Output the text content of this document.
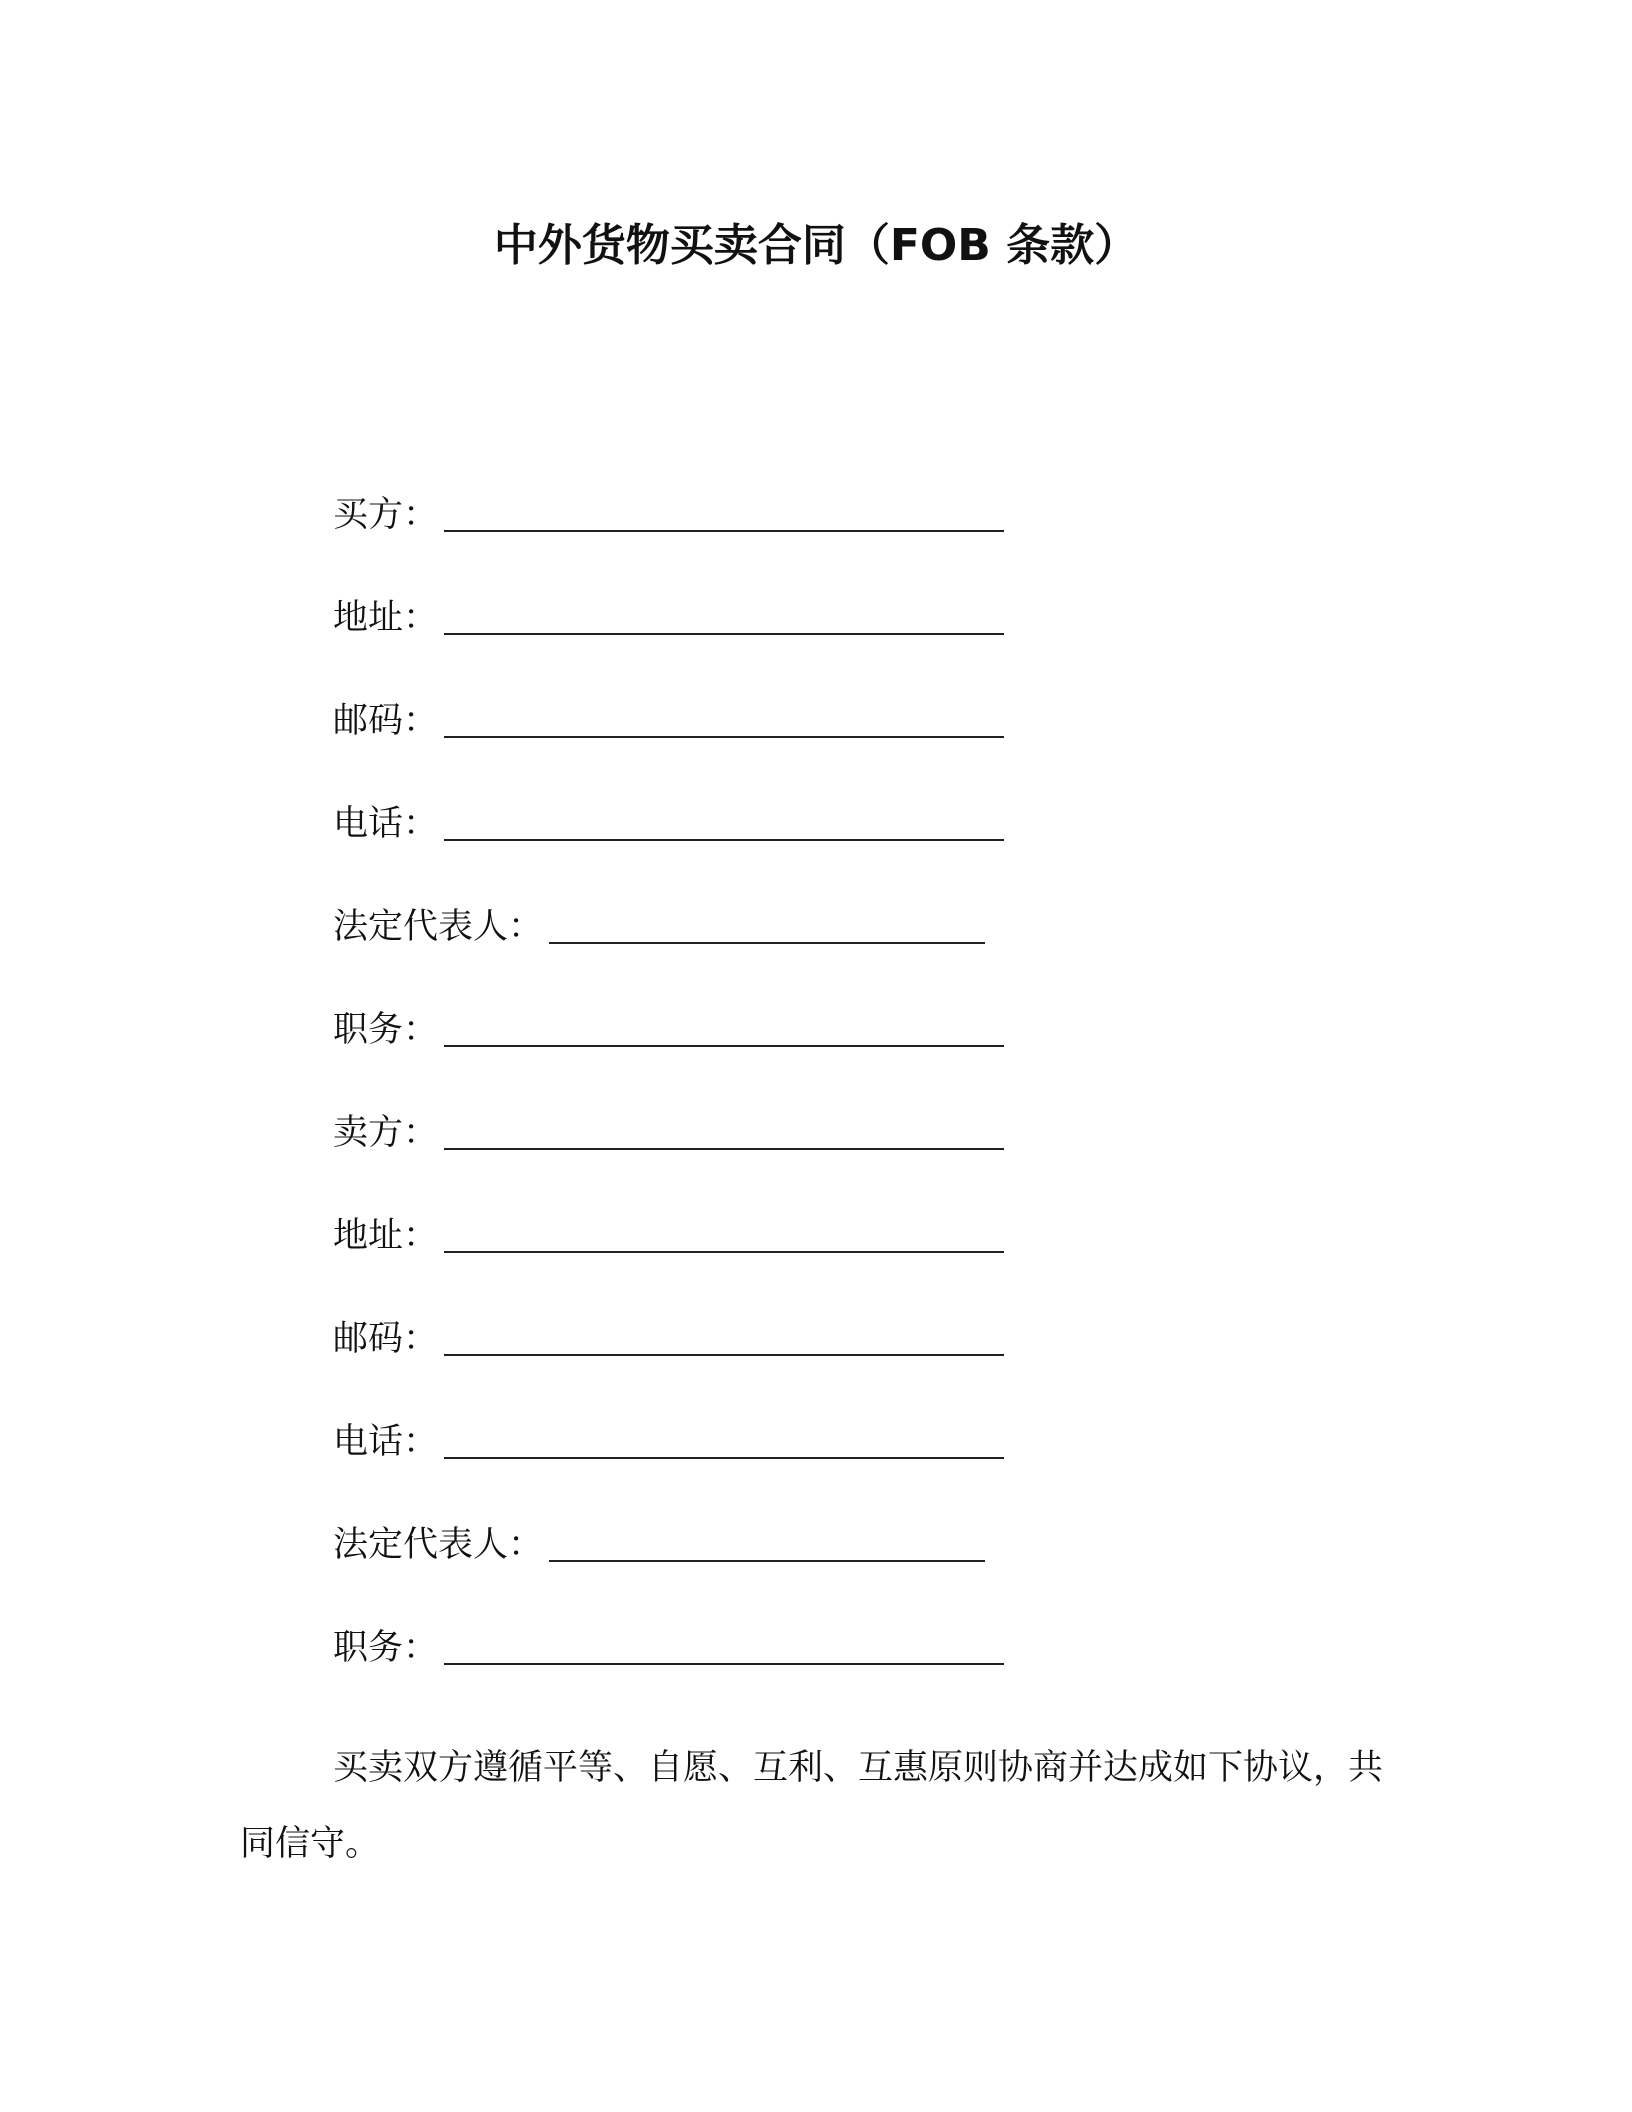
中外货物买卖合同（FOB 条款）
买方：
地址：
邮码：
电话：
法定代表人：
职务：
卖方：
地址：
邮码：
电话：
法定代表人：
职务：

买卖双方遵循平等、自愿、互利、互惠原则协商并达成如下协议，共同信守。
